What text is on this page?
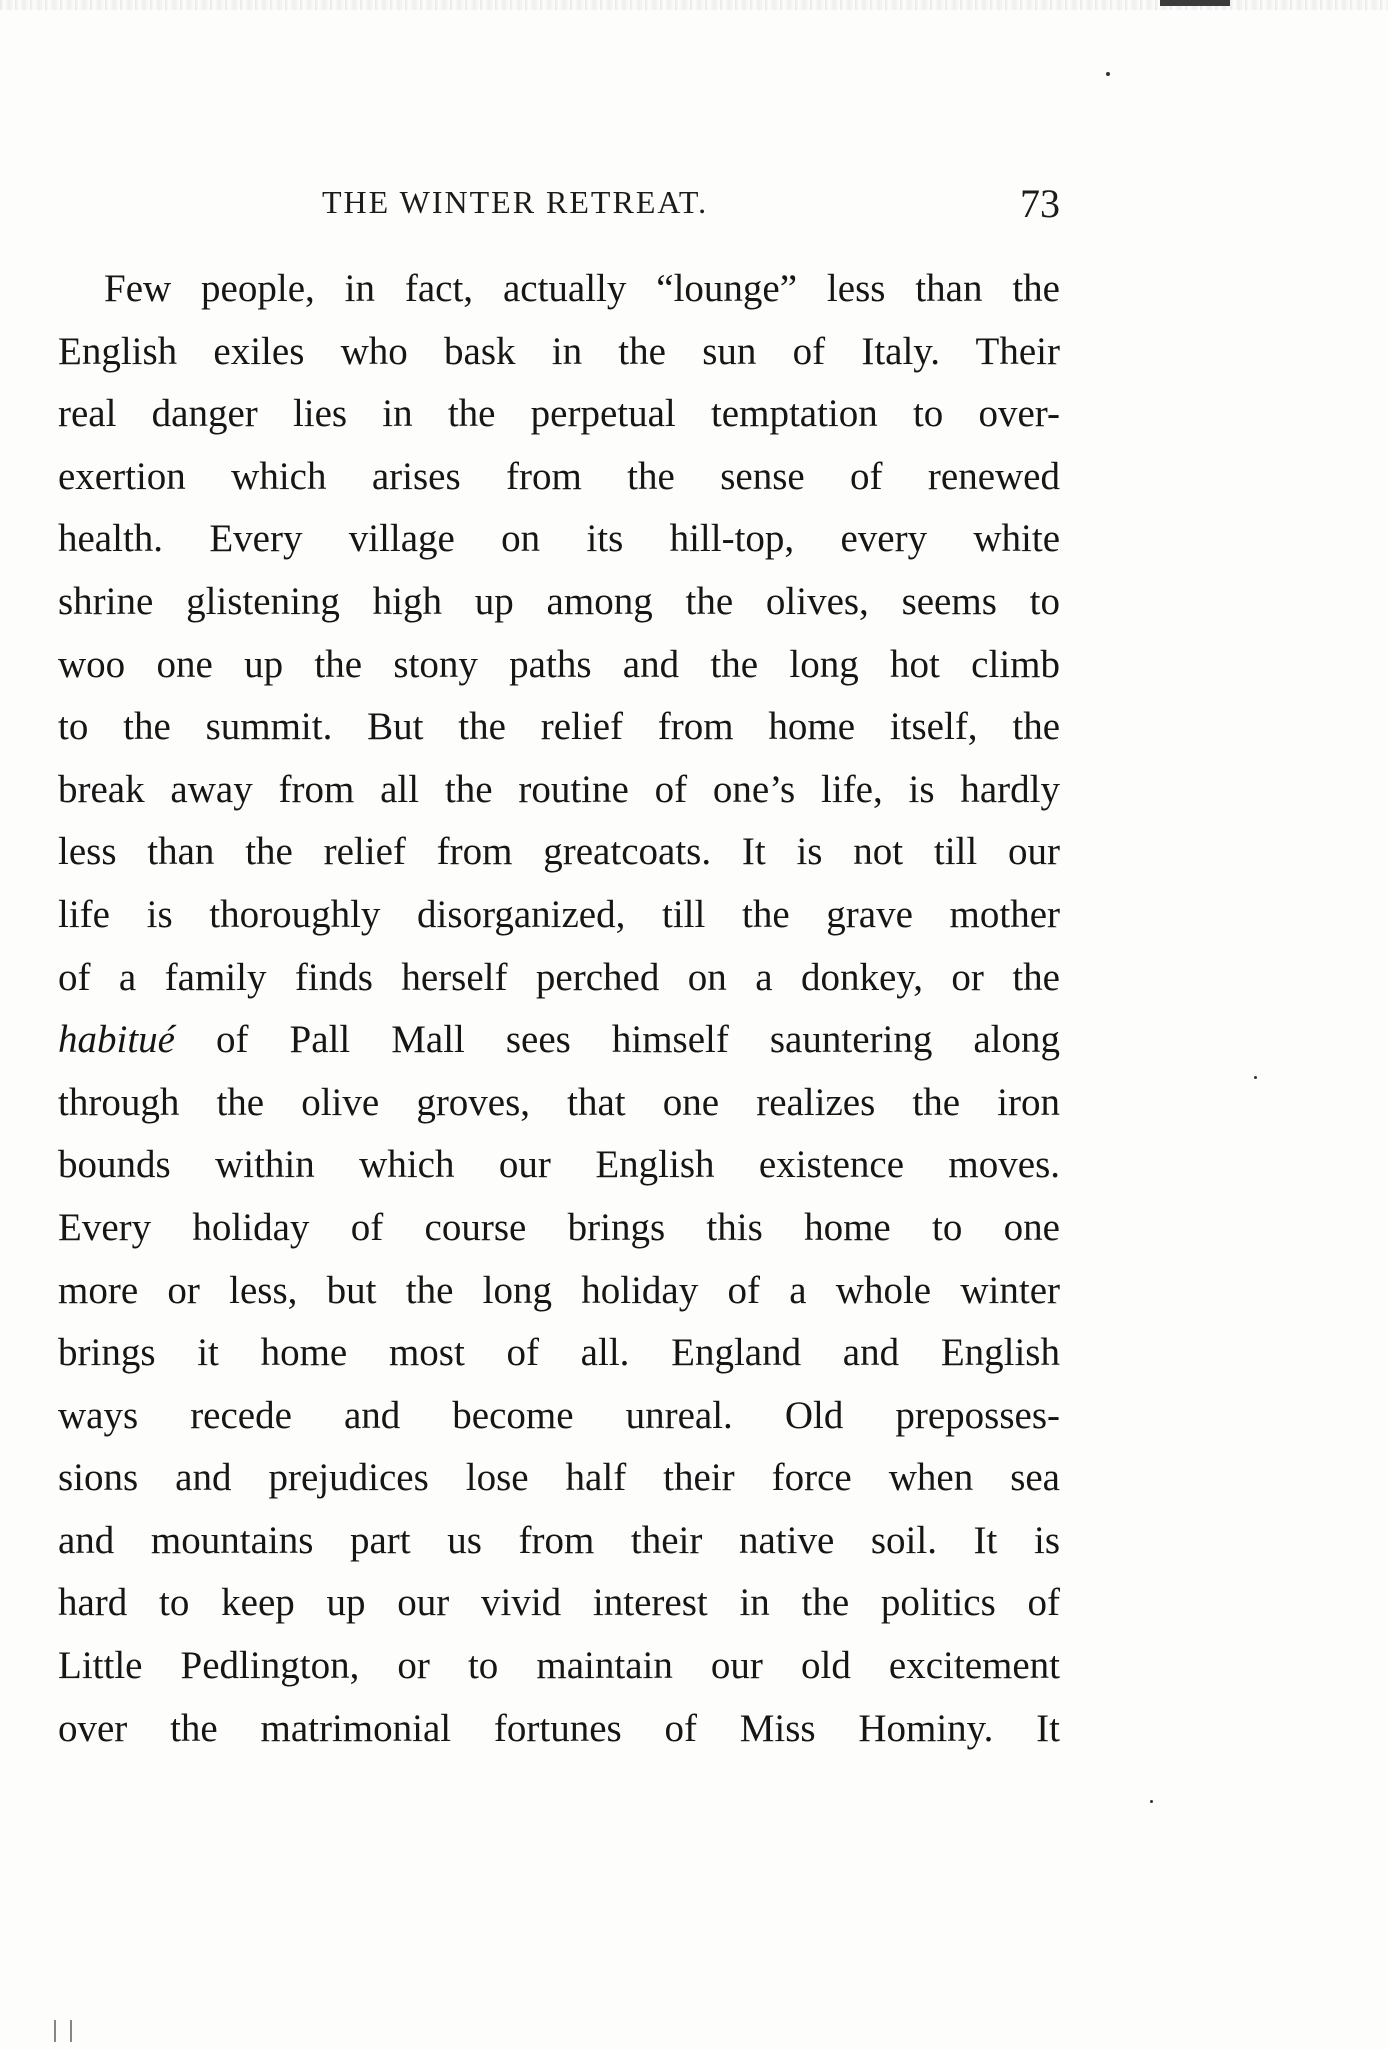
THE WINTER RETREAT.	73
Few people, in fact, actually “lounge” less than the
English exiles who bask in the sun of Italy. Their
real danger lies in the perpetual temptation to over-
exertion which arises from the sense of renewed
health. Every village on its hill-top, every white
shrine glistening high up among the olives, seems to
woo one up the stony paths and the long hot climb
to the summit. But the relief from home itself, the
break away from all the routine of one’s life, is hardly
less than the relief from greatcoats. It is not till our
life is thoroughly disorganized, till the grave mother
of a family finds herself perched on a donkey, or the
habitué of Pall Mall sees himself sauntering along
through the olive groves, that one realizes the iron
bounds within which our English existence moves.
Every holiday of course brings this home to one
more or less, but the long holiday of a whole winter
brings it home most of all. England and English
ways recede and become unreal. Old preposses-
sions and prejudices lose half their force when sea
and mountains part us from their native soil. It is
hard to keep up our vivid interest in the politics of
Little Pedlington, or to maintain our old excitement
over the matrimonial fortunes of Miss Hominy. It
